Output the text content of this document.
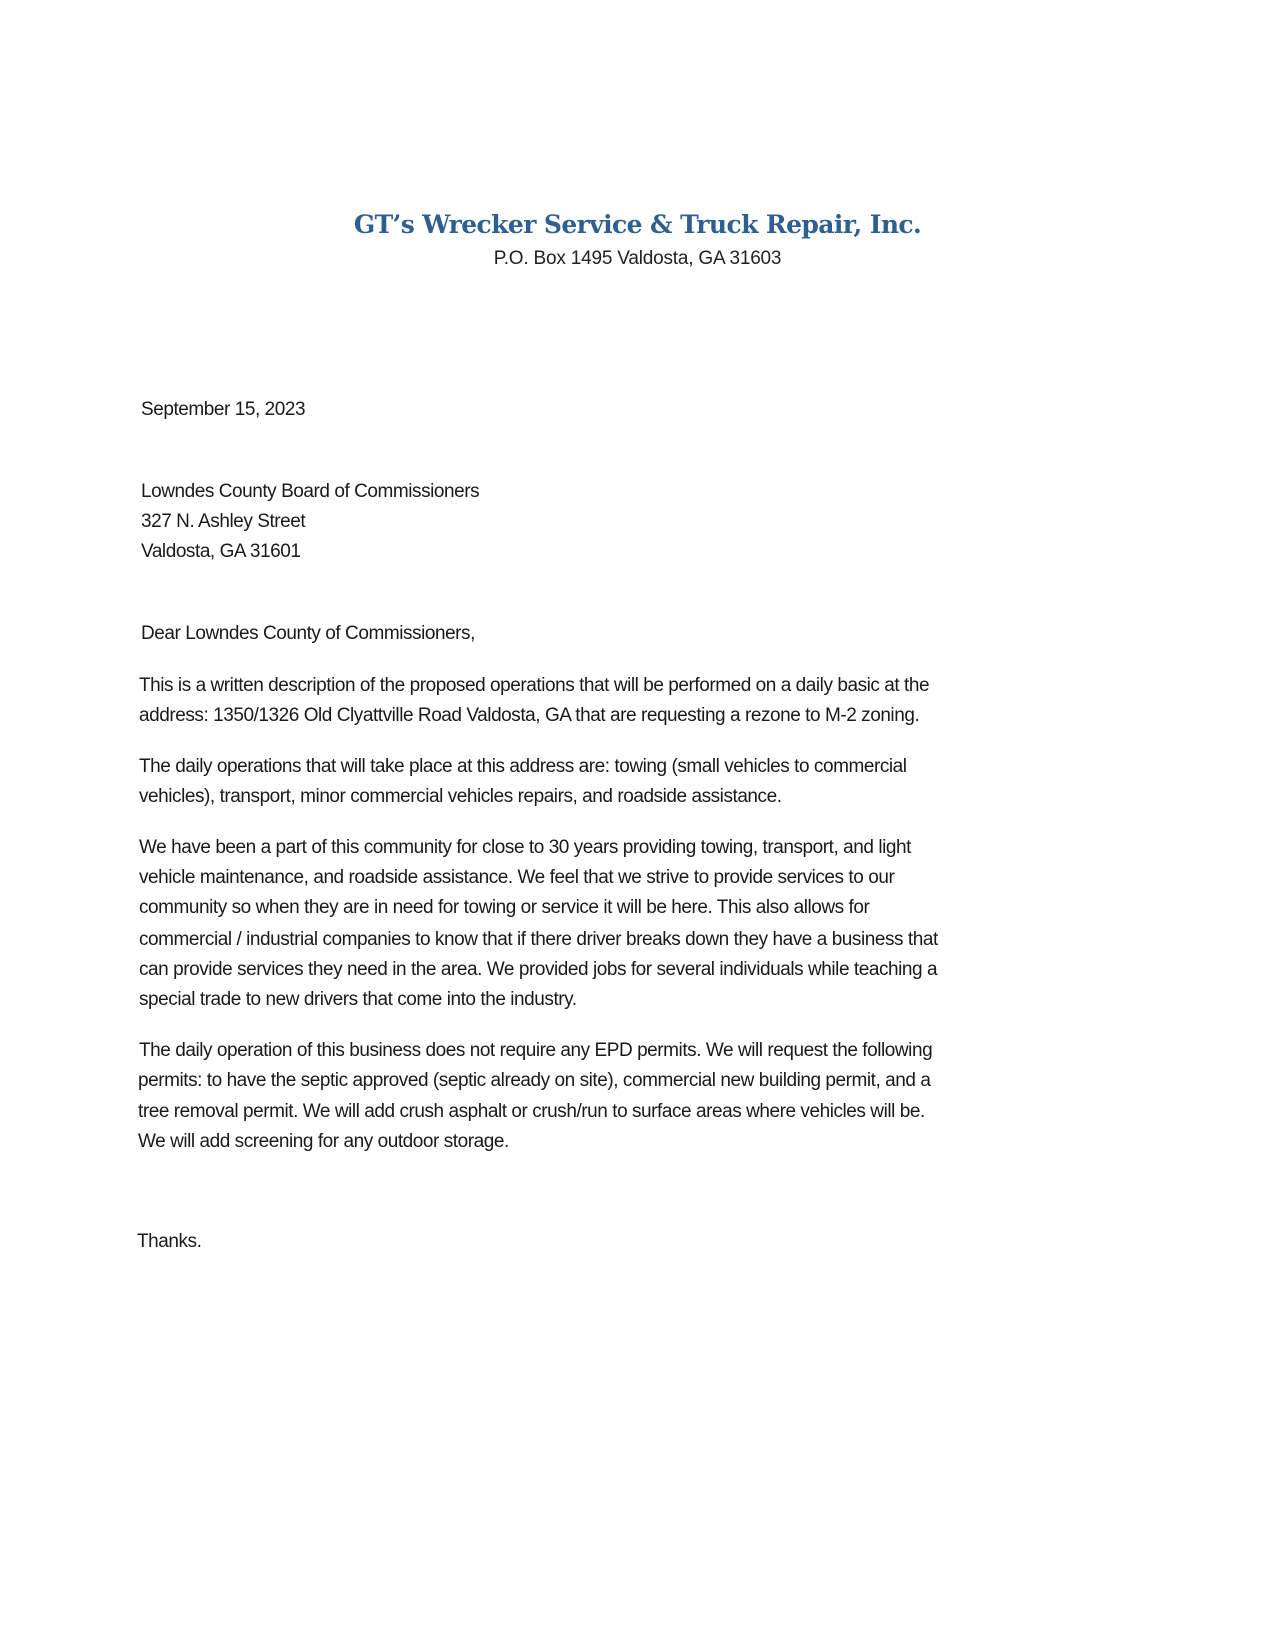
GT’s Wrecker Service & Truck Repair, Inc.
P.O. Box 1495 Valdosta, GA 31603
September 15, 2023
Lowndes County Board of Commissioners
327 N. Ashley Street
Valdosta, GA 31601
Dear Lowndes County of Commissioners,
This is a written description of the proposed operations that will be performed on a daily basic at the
address: 1350/1326 Old Clyattville Road Valdosta, GA that are requesting a rezone to M-2 zoning.
The daily operations that will take place at this address are: towing (small vehicles to commercial
vehicles), transport, minor commercial vehicles repairs, and roadside assistance.
We have been a part of this community for close to 30 years providing towing, transport, and light
vehicle maintenance, and roadside assistance. We feel that we strive to provide services to our
community so when they are in need for towing or service it will be here. This also allows for
commercial / industrial companies to know that if there driver breaks down they have a business that
can provide services they need in the area. We provided jobs for several individuals while teaching a
special trade to new drivers that come into the industry.
The daily operation of this business does not require any EPD permits. We will request the following
permits: to have the septic approved (septic already on site), commercial new building permit, and a
tree removal permit. We will add crush asphalt or crush/run to surface areas where vehicles will be.
We will add screening for any outdoor storage.
Thanks.
